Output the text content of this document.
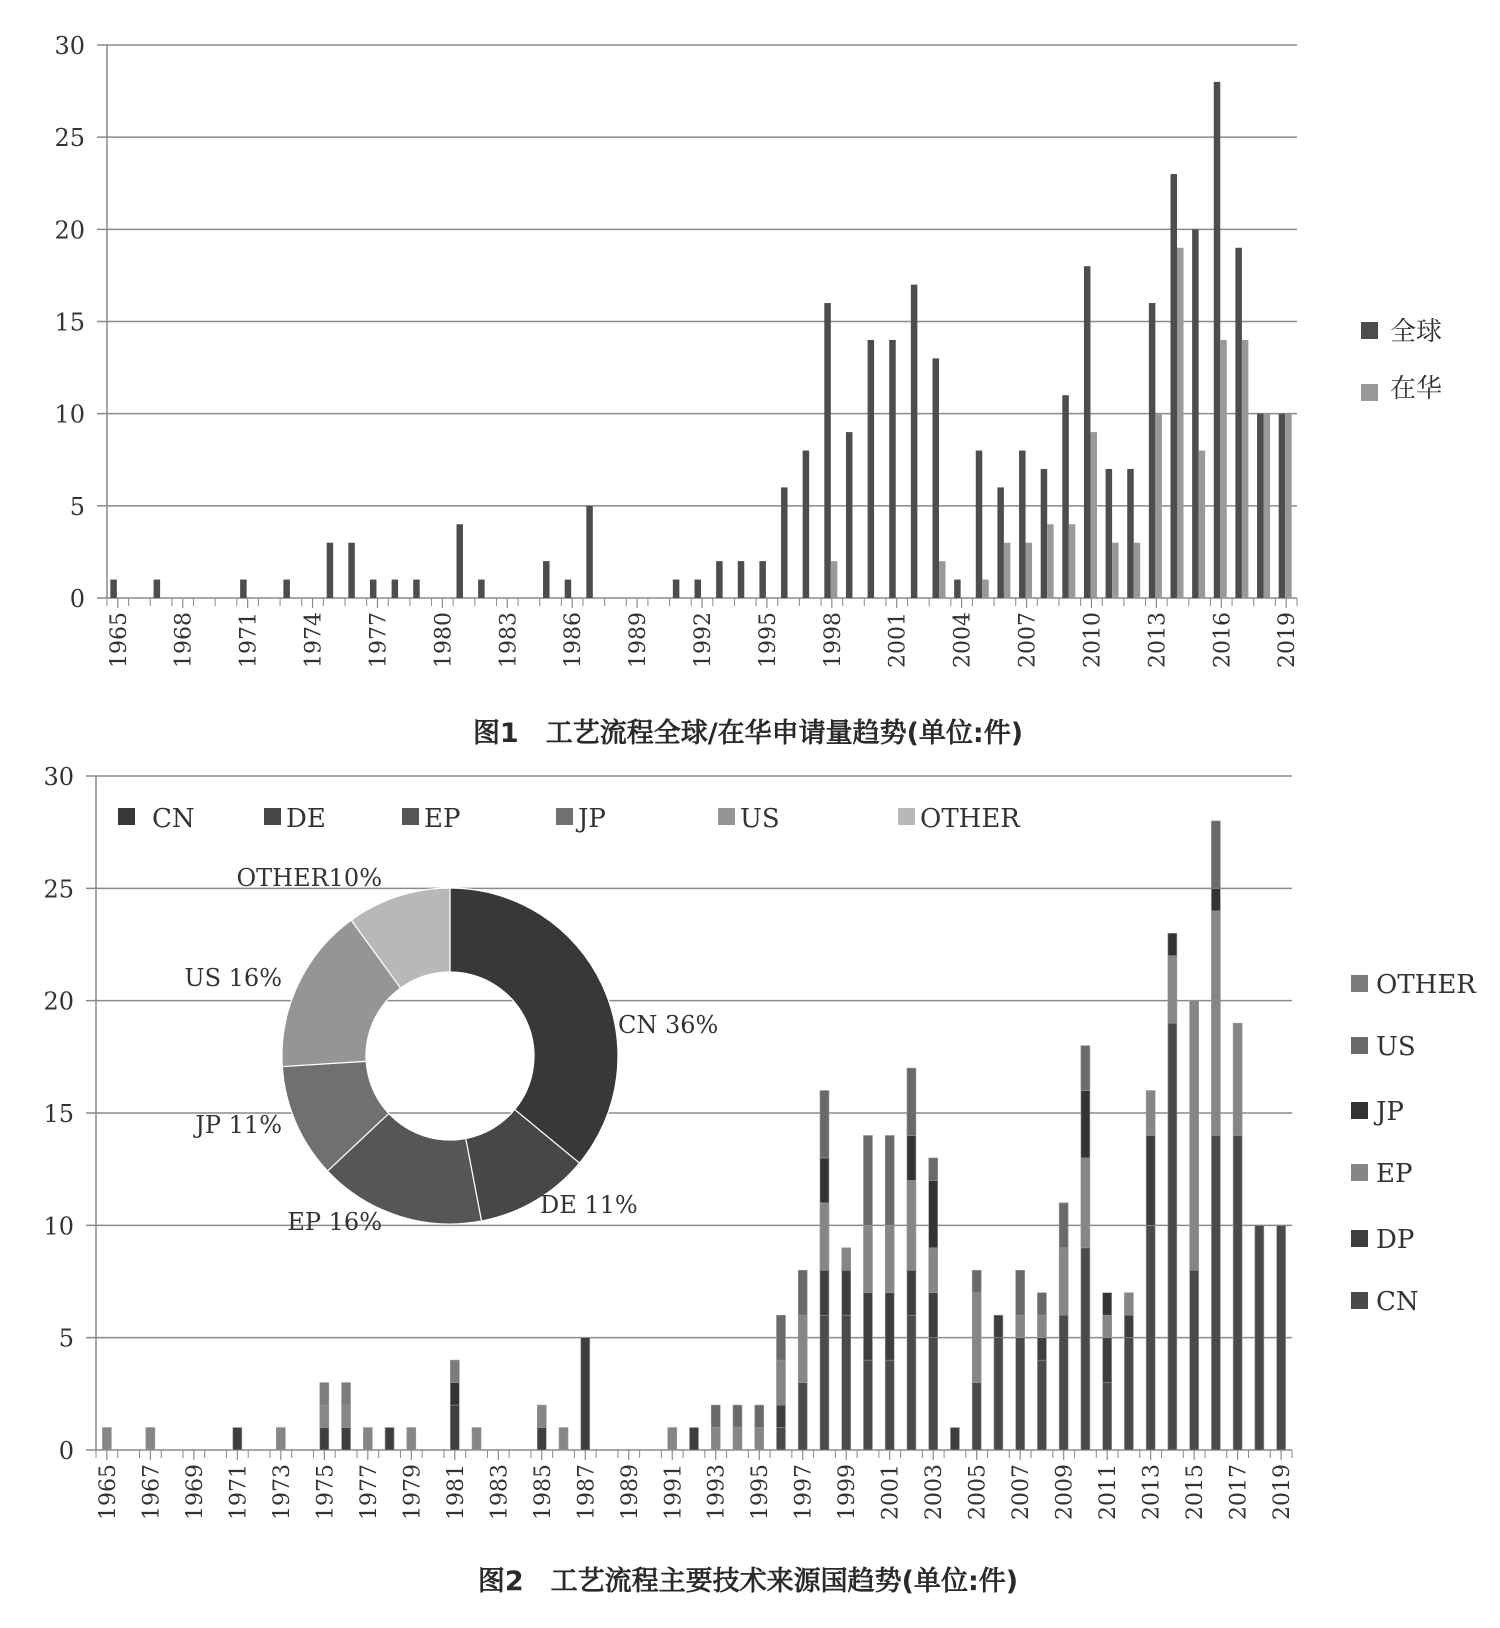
0
5
10
15
20
25
30
1965 1968 1971 1974 1977 1980 1983 1986 1989 1992 1995 1998 2001 2004 2007 2010 2013 2016 2019
全球
在华
图1　工艺流程全球/在华申请量趋势(单位:件)
0
5
10
15
20
25
30
1965 1967 1969 1971 1973 1975 1977 1979 1981 1983 1985 1987 1989 1991 1993 1995 1997 1999 2001 2003 2005 2007 2009 2011 2013 2015 2017 2019
CN	DE	EP	JP	US	OTHER
OTHER
US
JP
EP
DP
CN
CN 36%
DE 11%
EP 16%
JP 11%
US 16%
OTHER10%
图2　工艺流程主要技术来源国趋势(单位:件)
